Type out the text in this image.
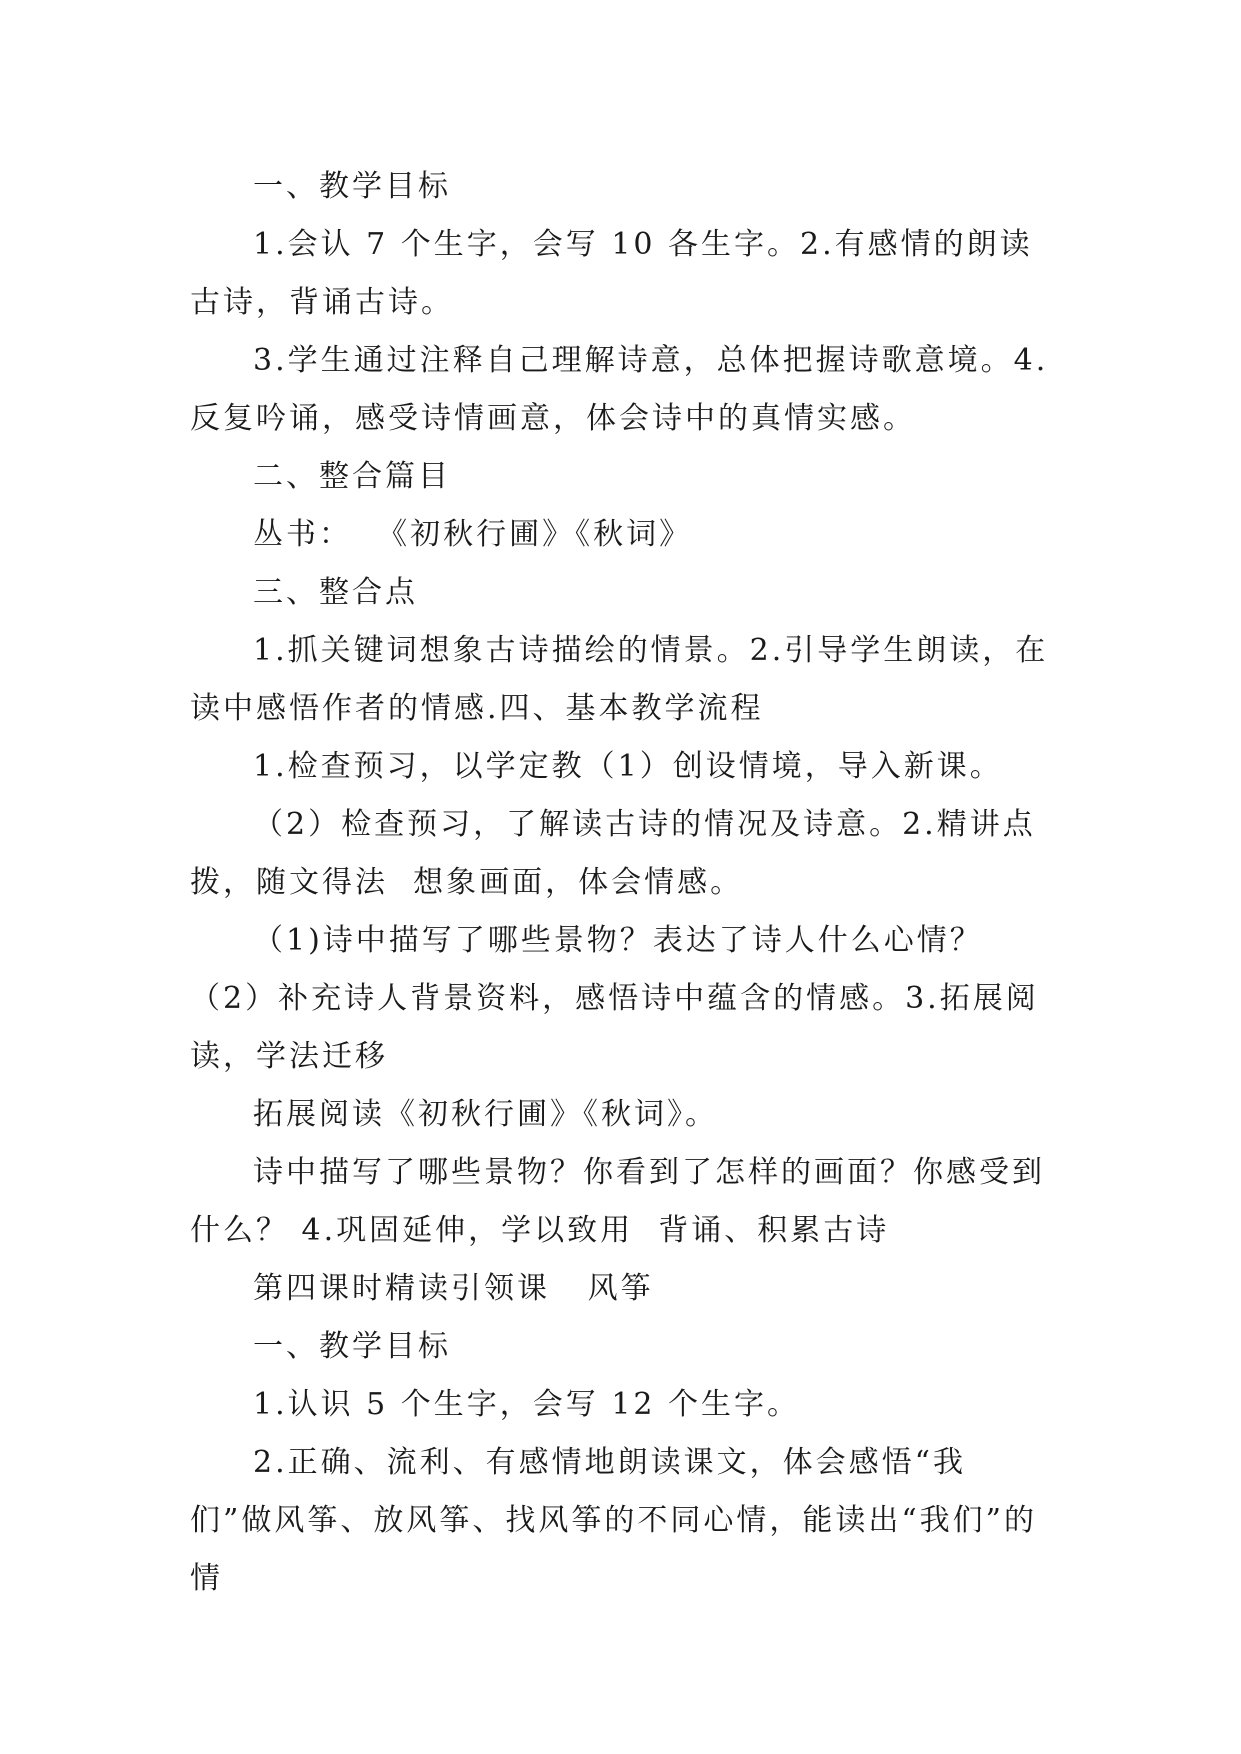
一、教学目标

1.会认 7 个生字，会写 10 各生字。2.有感情的朗读古诗，背诵古诗。

3.学生通过注释自己理解诗意，总体把握诗歌意境。4.反复吟诵，感受诗情画意，体会诗中的真情实感。

二、整合篇目

丛书：  《初秋行圃》《秋词》

三、整合点

1.抓关键词想象古诗描绘的情景。2.引导学生朗读，在读中感悟作者的情感.四、基本教学流程

1.检查预习，以学定教（1）创设情境，导入新课。

（2）检查预习，了解读古诗的情况及诗意。2.精讲点拨，随文得法  想象画面，体会情感。

（1)诗中描写了哪些景物？表达了诗人什么心情？（2）补充诗人背景资料，感悟诗中蕴含的情感。3.拓展阅读，学法迁移

拓展阅读《初秋行圃》《秋词》。

诗中描写了哪些景物？你看到了怎样的画面？你感受到什么？ 4.巩固延伸，学以致用  背诵、积累古诗

第四课时精读引领课   风筝

一、教学目标

1.认识 5 个生字，会写 12 个生字。

2.正确、流利、有感情地朗读课文，体会感悟“我们”做风筝、放风筝、找风筝的不同心情，能读出“我们”的情
